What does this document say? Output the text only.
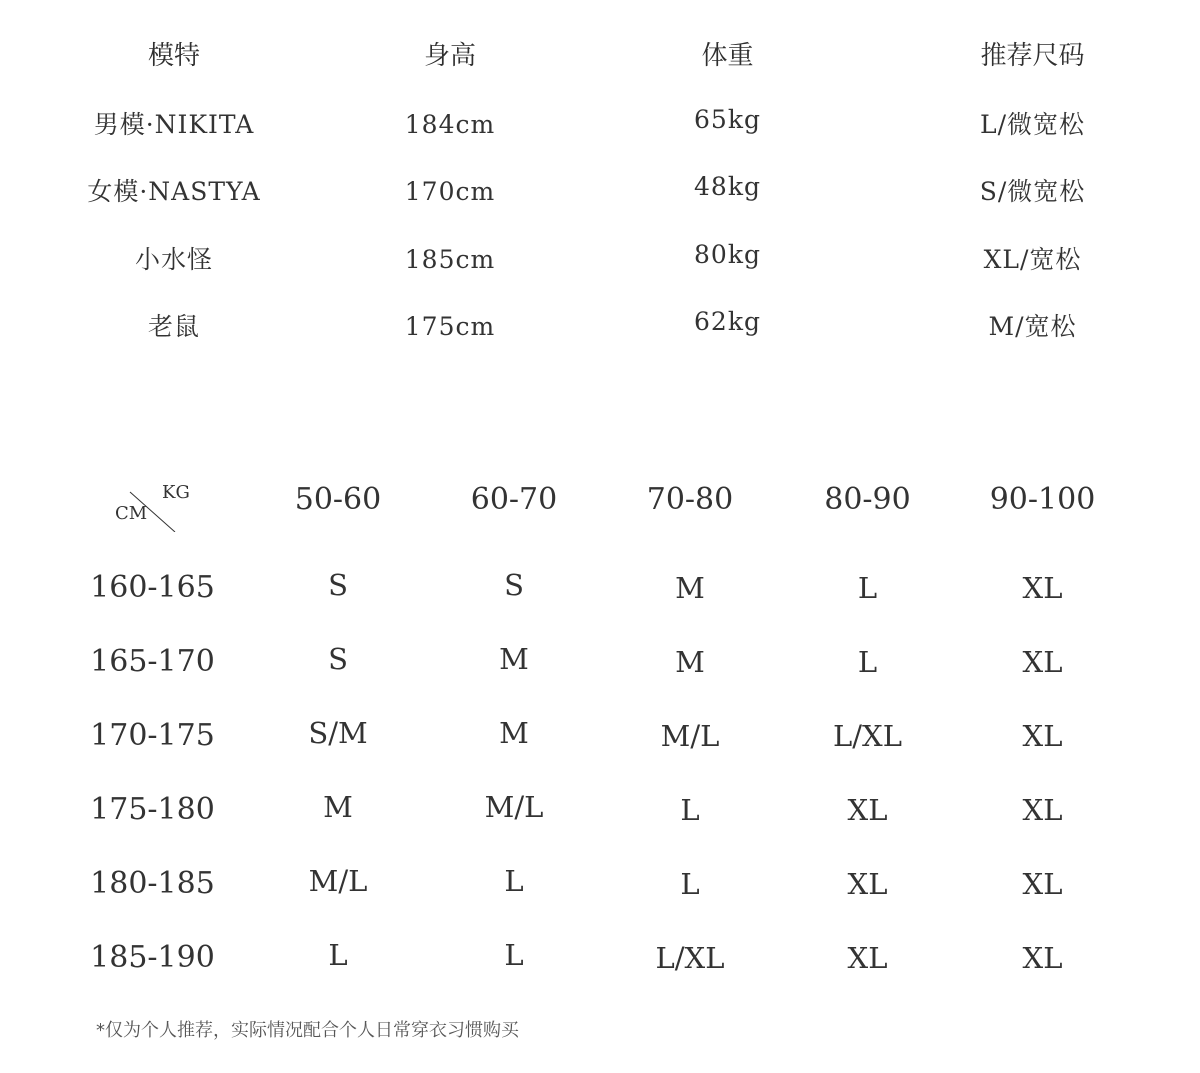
模特	身高	体重	推荐尺码
男模·NIKITA	184cm	65kg	L/微宽松
女模·NASTYA	170cm	48kg	S/微宽松
小水怪	185cm	80kg	XL/宽松
老鼠	175cm	62kg	M/宽松
KG
CM	50-60	60-70	70-80	80-90	90-100
160-165	S	S	M	L	XL
165-170	S	M	M	L	XL
170-175	S/M	M	M/L	L/XL	XL
175-180	M	M/L	L	XL	XL
180-185	M/L	L	L	XL	XL
185-190	L	L	L/XL	XL	XL
*仅为个人推荐，实际情况配合个人日常穿衣习惯购买
